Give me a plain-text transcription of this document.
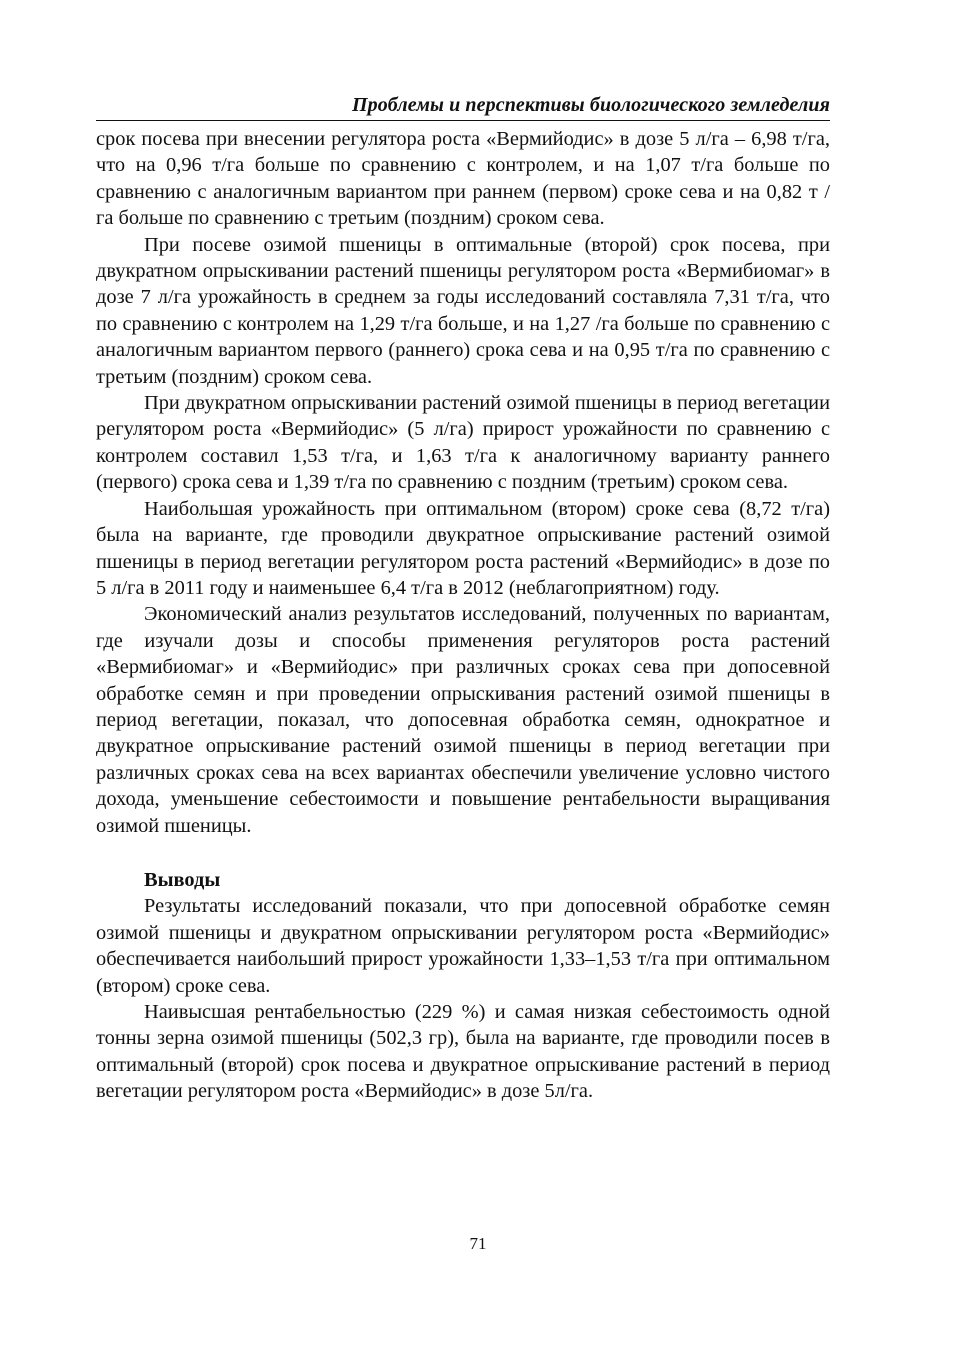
Проблемы и перспективы биологического земледелия

срок посева при внесении регулятора роста «Вермийодис» в дозе 5 л/га – 6,98 т/га, что на 0,96 т/га больше по сравнению с контролем, и на 1,07 т/га больше по сравнению с аналогичным вариантом при раннем (первом) сроке сева и на 0,82 т / га больше по сравнению с третьим (поздним) сроком сева.

При посеве озимой пшеницы в оптимальные (второй) срок посева, при двукратном опрыскивании растений пшеницы регулятором роста «Вермибиомаг» в дозе 7 л/га урожайность в среднем за годы исследований составляла 7,31 т/га, что по сравнению с контролем на 1,29 т/га больше, и на 1,27 /га больше по сравнению с аналогичным вариантом первого (раннего) срока сева и на 0,95 т/га по сравнению с третьим (поздним) сроком сева.

При двукратном опрыскивании растений озимой пшеницы в период вегетации регулятором роста «Вермийодис» (5 л/га) прирост урожайности по сравнению с контролем составил 1,53 т/га, и 1,63 т/га к аналогичному варианту раннего (первого) срока сева и 1,39 т/га по сравнению с поздним (третьим) сроком сева.

Наибольшая урожайность при оптимальном (втором) сроке сева (8,72 т/га) была на варианте, где проводили двукратное опрыскивание растений озимой пшеницы в период вегетации регулятором роста растений «Вермийодис» в дозе по 5 л/га в 2011 году и наименьшее 6,4 т/га в 2012 (неблагоприятном) году.

Экономический анализ результатов исследований, полученных по вариантам, где изучали дозы и способы применения регуляторов роста растений «Вермибиомаг» и «Вермийодис» при различных сроках сева при допосевной обработке семян и при проведении опрыскивания растений озимой пшеницы в период вегетации, показал, что допосевная обработка семян, однократное и двукратное опрыскивание растений озимой пшеницы в период вегетации при различных сроках сева на всех вариантах обеспечили увеличение условно чистого дохода, уменьшение себестоимости и повышение рентабельности выращивания озимой пшеницы.

Выводы

Результаты исследований показали, что при допосевной обработке семян озимой пшеницы и двукратном опрыскивании регулятором роста «Вермийодис» обеспечивается наибольший прирост урожайности 1,33–1,53 т/га при оптимальном (втором) сроке сева.

Наивысшая рентабельностью (229 %) и самая низкая себестоимость одной тонны зерна озимой пшеницы (502,3 гр), была на варианте, где проводили посев в оптимальный (второй) срок посева и двукратное опрыскивание растений в период вегетации регулятором роста «Вермийодис» в дозе 5л/га.

71
